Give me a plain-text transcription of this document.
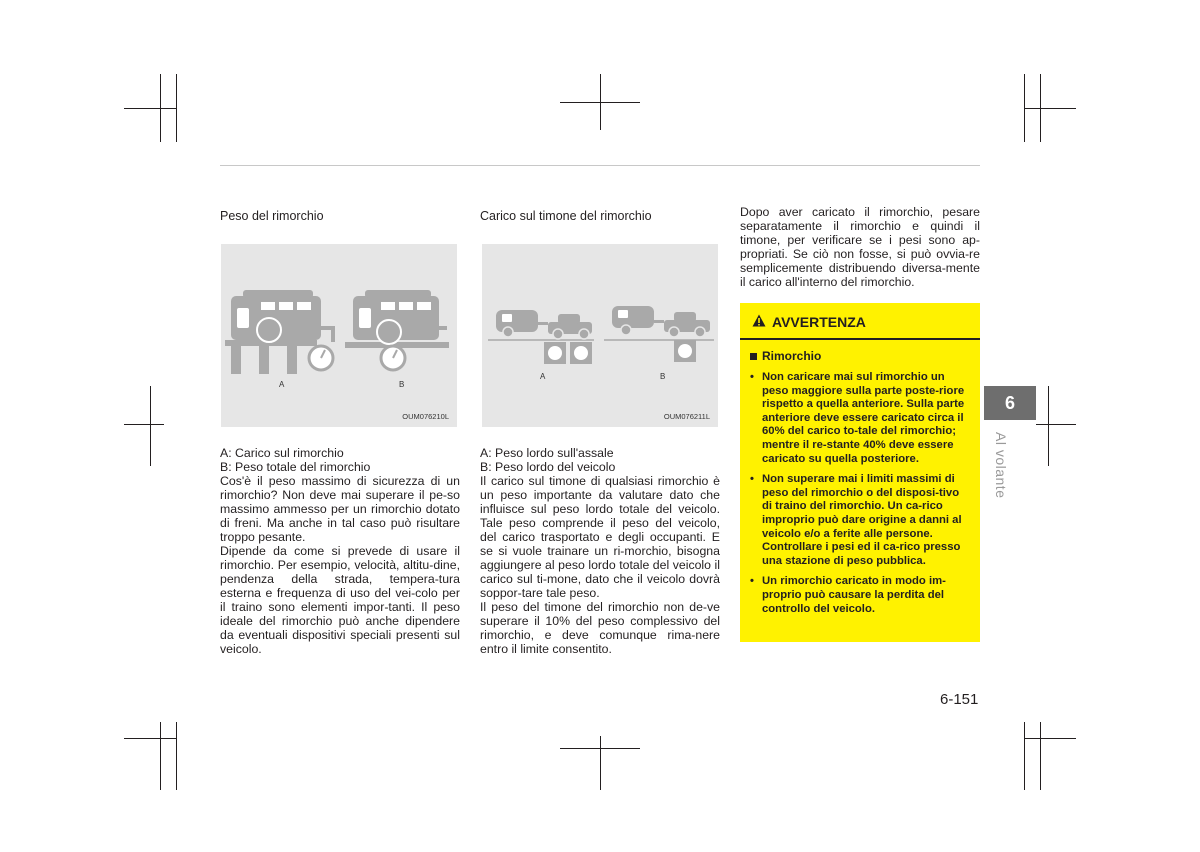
Peso del rimorchio
A	B
OUM076210L

A: Carico sul rimorchio

B: Peso totale del rimorchio

Cos'è il peso massimo di sicurezza di un rimorchio? Non deve mai superare il pe-so massimo ammesso per un rimorchio dotato di freni. Ma anche in tal caso può risultare troppo pesante.

Dipende da come si prevede di usare il rimorchio. Per esempio, velocità, altitu-dine, pendenza della strada, tempera-tura esterna e frequenza di uso del vei-colo per il traino sono elementi impor-tanti. Il peso ideale del rimorchio può anche dipendere da eventuali dispositivi speciali presenti sul veicolo.

Carico sul timone del rimorchio
A	B
OUM076211L

A: Peso lordo sull'assale

B: Peso lordo del veicolo

Il carico sul timone di qualsiasi rimorchio è un peso importante da valutare dato che influisce sul peso lordo totale del veicolo. Tale peso comprende il peso del veicolo, del carico trasportato e degli occupanti. E se si vuole trainare un ri-morchio, bisogna aggiungere al peso lordo totale del veicolo il carico sul ti-mone, dato che il veicolo dovrà soppor-tare tale peso.

Il peso del timone del rimorchio non de-ve superare il 10% del peso complessivo del rimorchio, e deve comunque rima-nere entro il limite consentito.

Dopo aver caricato il rimorchio, pesare separatamente il rimorchio e quindi il timone, per verificare se i pesi sono ap-propriati. Se ciò non fosse, si può ovvia-re semplicemente distribuendo diversa-mente il carico all'interno del rimorchio.

AVVERTENZA
Rimorchio
• Non caricare mai sul rimorchio un peso maggiore sulla parte poste-riore rispetto a quella anteriore. Sulla parte anteriore deve essere caricato circa il 60% del carico to-tale del rimorchio; mentre il re-stante 40% deve essere caricato su quella posteriore.
• Non superare mai i limiti massimi di peso del rimorchio o del disposi-tivo di traino del rimorchio. Un ca-rico improprio può dare origine a danni al veicolo e/o a ferite alle persone. Controllare i pesi ed il ca-rico presso una stazione di peso pubblica.
• Un rimorchio caricato in modo im-proprio può causare la perdita del controllo del veicolo.
6
Al volante
6-151
